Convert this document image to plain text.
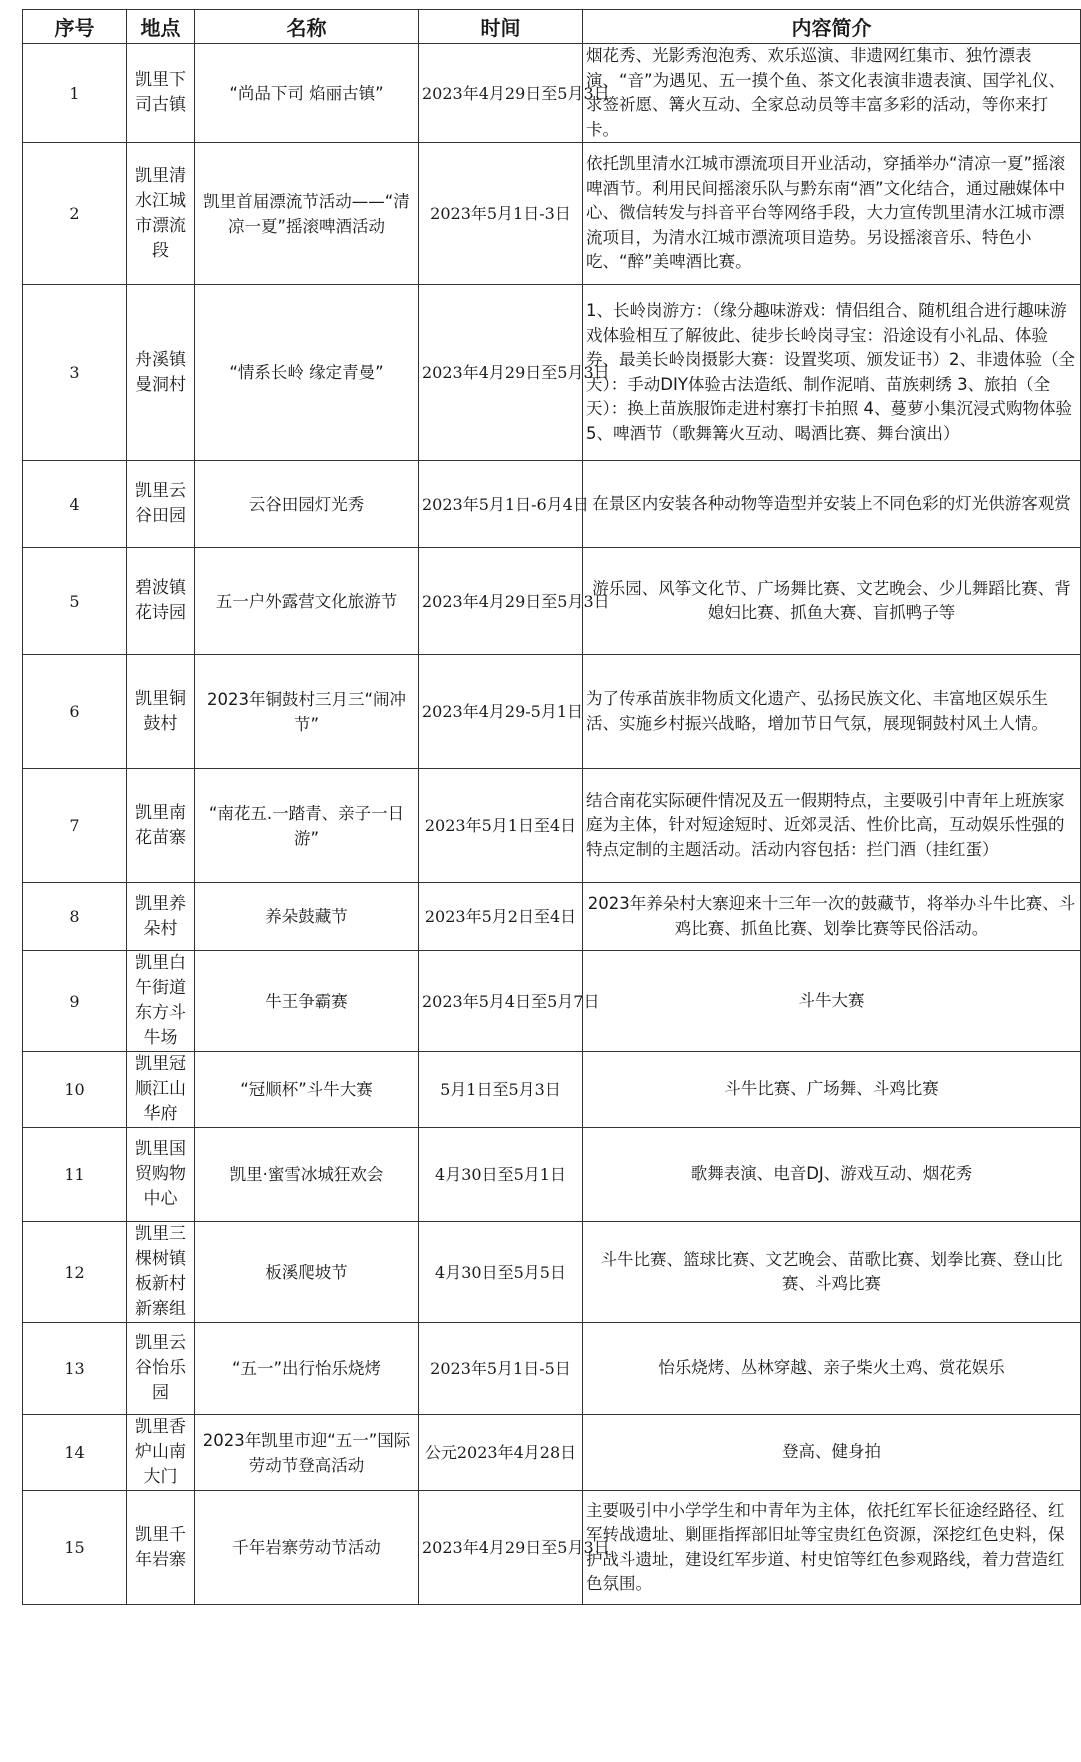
序号	地点	名称	时间	内容简介
1	凯里下司古镇	“尚品下司 焰丽古镇”	2023年4月29日至5月3日	烟花秀、光影秀泡泡秀、欢乐巡演、非遗网红集市、独竹漂表演、“音”为遇见、五一摸个鱼、茶文化表演非遗表演、国学礼仪、求签祈愿、篝火互动、全家总动员等丰富多彩的活动，等你来打卡。
2	凯里清水江城市漂流段	凯里首届漂流节活动——“清凉一夏”摇滚啤酒活动	2023年5月1日-3日	依托凯里清水江城市漂流项目开业活动，穿插举办“清凉一夏”摇滚啤酒节。利用民间摇滚乐队与黔东南“酒”文化结合，通过融媒体中心、微信转发与抖音平台等网络手段，大力宣传凯里清水江城市漂流项目，为清水江城市漂流项目造势。另设摇滚音乐、特色小吃、“醉”美啤酒比赛。
3	舟溪镇曼洞村	“情系长岭 缘定青曼”	2023年4月29日至5月3日	1、长岭岗游方：（缘分趣味游戏：情侣组合、随机组合进行趣味游戏体验相互了解彼此、徒步长岭岗寻宝：沿途设有小礼品、体验券、最美长岭岗摄影大赛：设置奖项、颁发证书）2、非遗体验（全天）：手动DIY体验古法造纸、制作泥哨、苗族刺绣 3、旅拍（全天）：换上苗族服饰走进村寨打卡拍照 4、蔓萝小集沉浸式购物体验 5、啤酒节（歌舞篝火互动、喝酒比赛、舞台演出）
4	凯里云谷田园	云谷田园灯光秀	2023年5月1日-6月4日	在景区内安装各种动物等造型并安装上不同色彩的灯光供游客观赏
5	碧波镇花诗园	五一户外露营文化旅游节	2023年4月29日至5月3日	游乐园、风筝文化节、广场舞比赛、文艺晚会、少儿舞蹈比赛、背媳妇比赛、抓鱼大赛、盲抓鸭子等
6	凯里铜鼓村	2023年铜鼓村三月三“闹冲节”	2023年4月29-5月1日	为了传承苗族非物质文化遗产、弘扬民族文化、丰富地区娱乐生活、实施乡村振兴战略，增加节日气氛，展现铜鼓村风土人情。
7	凯里南花苗寨	“南花五.一踏青、亲子一日游”	2023年5月1日至4日	结合南花实际硬件情况及五一假期特点，主要吸引中青年上班族家庭为主体，针对短途短时、近郊灵活、性价比高，互动娱乐性强的特点定制的主题活动。活动内容包括：拦门酒（挂红蛋）
8	凯里养朵村	养朵鼓藏节	2023年5月2日至4日	2023年养朵村大寨迎来十三年一次的鼓藏节，将举办斗牛比赛、斗鸡比赛、抓鱼比赛、划拳比赛等民俗活动。
9	凯里白午街道东方斗牛场	牛王争霸赛	2023年5月4日至5月7日	斗牛大赛
10	凯里冠顺江山华府	“冠顺杯”斗牛大赛	5月1日至5月3日	斗牛比赛、广场舞、斗鸡比赛
11	凯里国贸购物中心	凯里·蜜雪冰城狂欢会	4月30日至5月1日	歌舞表演、电音DJ、游戏互动、烟花秀
12	凯里三棵树镇板新村新寨组	板溪爬坡节	4月30日至5月5日	斗牛比赛、篮球比赛、文艺晚会、苗歌比赛、划拳比赛、登山比赛、斗鸡比赛
13	凯里云谷怡乐园	“五一”出行怡乐烧烤	2023年5月1日-5日	怡乐烧烤、丛林穿越、亲子柴火土鸡、赏花娱乐
14	凯里香炉山南大门	2023年凯里市迎“五一”国际劳动节登高活动	公元2023年4月28日	登高、健身拍
15	凯里千年岩寨	千年岩寨劳动节活动	2023年4月29日至5月3日	主要吸引中小学学生和中青年为主体，依托红军长征途经路径、红军转战遗址、剿匪指挥部旧址等宝贵红色资源，深挖红色史料，保护战斗遗址，建设红军步道、村史馆等红色参观路线，着力营造红色氛围。
